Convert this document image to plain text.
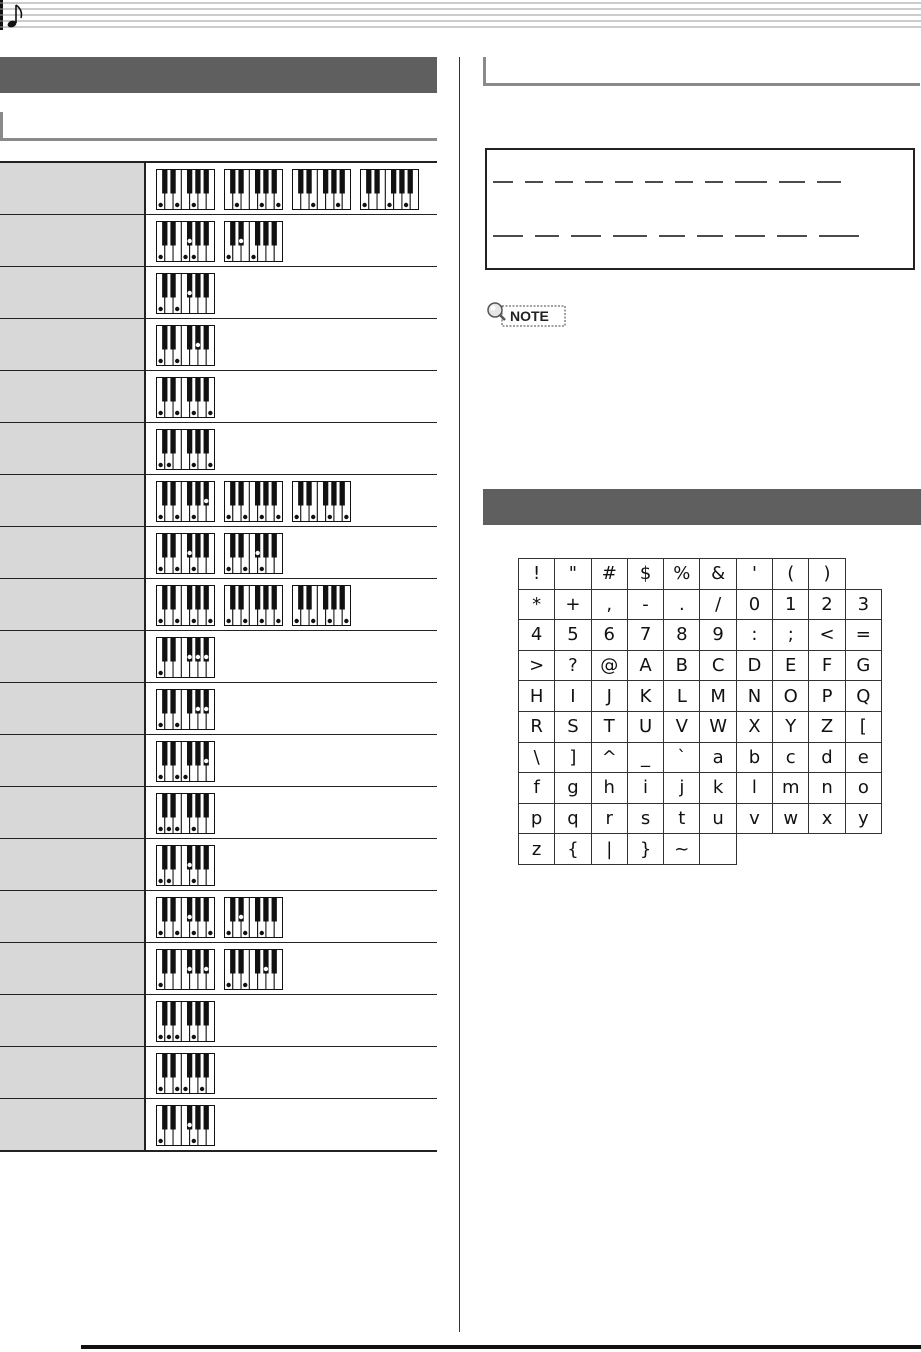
NOTE
!	"	#	$	%	&	'	(	)	
*	+	,	-	.	/	0	1	2	3
4	5	6	7	8	9	:	;	<	=
>	?	@	A	B	C	D	E	F	G
H	I	J	K	L	M	N	O	P	Q
R	S	T	U	V	W	X	Y	Z	[
\	]	^	_	`	a	b	c	d	e
f	g	h	i	j	k	l	m	n	o
p	q	r	s	t	u	v	w	x	y
z	{	|	}	~					
